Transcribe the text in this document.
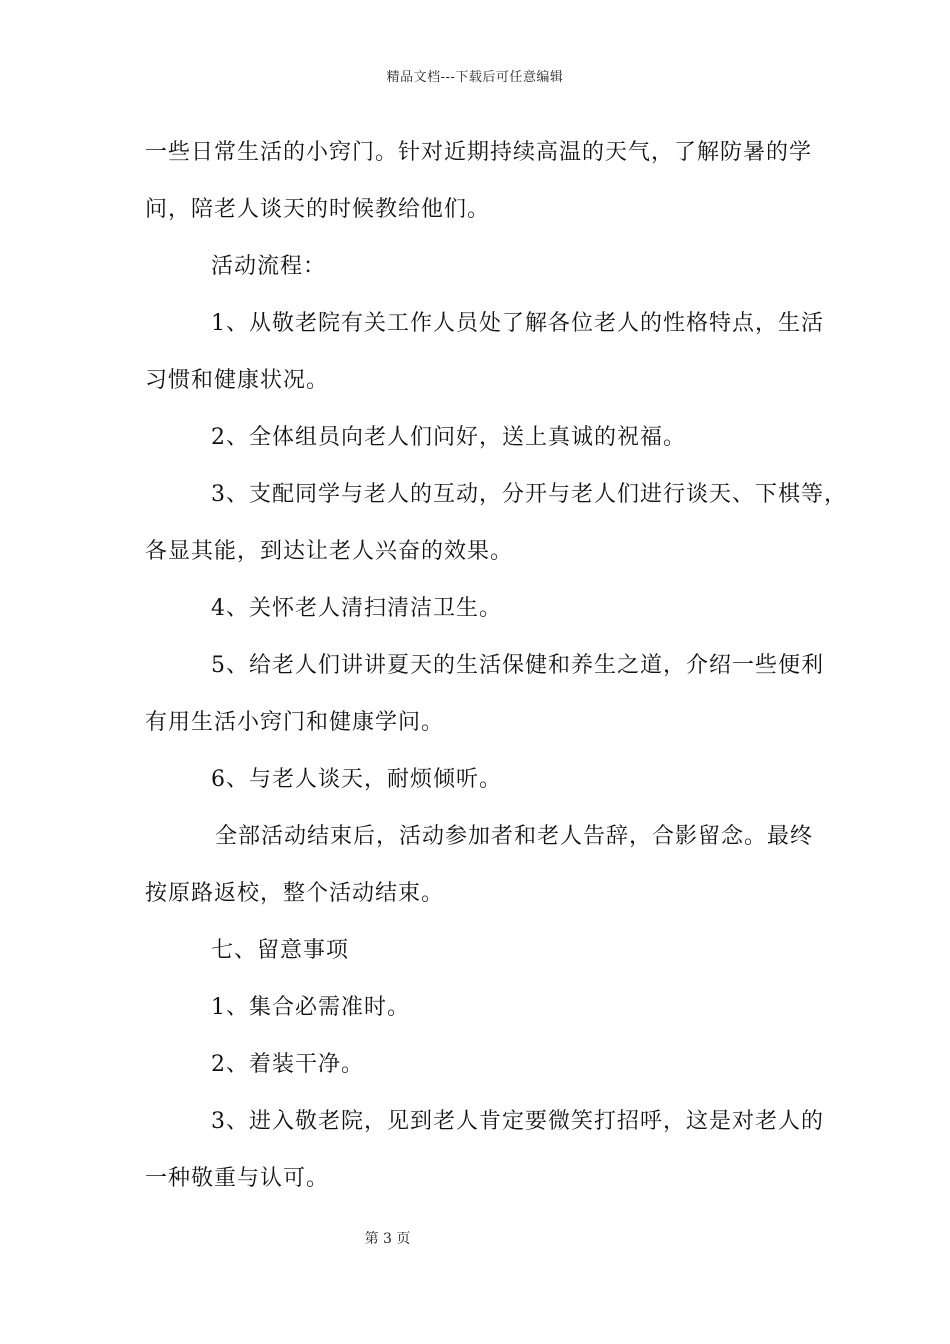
精品文档---下载后可任意编辑
一些日常生活的小窍门。针对近期持续高温的天气，了解防暑的学
问，陪老人谈天的时候教给他们。
活动流程：
1、从敬老院有关工作人员处了解各位老人的性格特点，生活
习惯和健康状况。
2、全体组员向老人们问好，送上真诚的祝福。
3、支配同学与老人的互动，分开与老人们进行谈天、下棋等，
各显其能，到达让老人兴奋的效果。
4、关怀老人清扫清洁卫生。
5、给老人们讲讲夏天的生活保健和养生之道，介绍一些便利
有用生活小窍门和健康学问。
6、与老人谈天，耐烦倾听。
全部活动结束后，活动参加者和老人告辞，合影留念。最终
按原路返校，整个活动结束。
七、留意事项
1、集合必需准时。
2、着装干净。
3、进入敬老院，见到老人肯定要微笑打招呼，这是对老人的
一种敬重与认可。
第 3 页
